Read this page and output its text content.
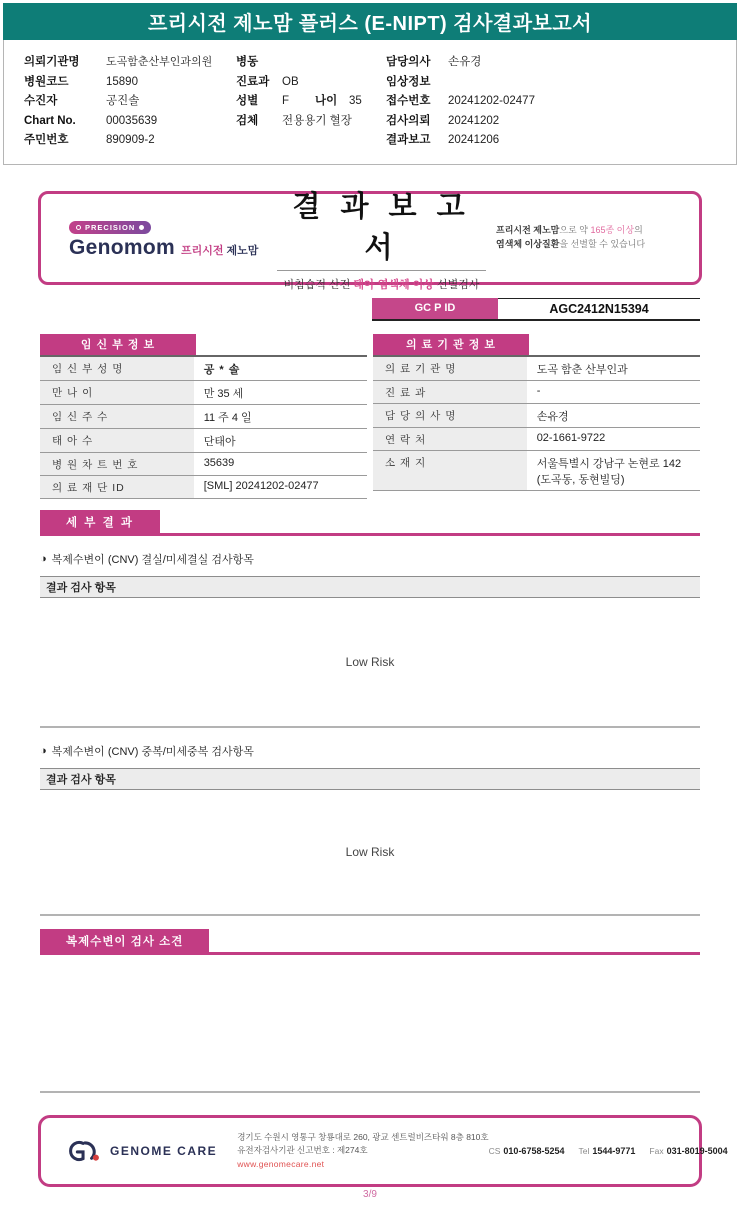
프리시전 제노맘 플러스 (E-NIPT) 검사결과보고서
의뢰기관명	도곡함춘산부인과의원
병원코드	15890
수진자	공진솔
Chart No.	00035639
주민번호	890909-2
병동
진료과	OB
성별	F 나이	35
검체	전용용기 혈장
담당의사	손유경
임상정보
접수번호	20241202-02477
검사의뢰	20241202
결과보고	20241206
PRECISION
Genomom 프리시전 제노맘
결 과 보 고 서
비침습적 산전 태아 염색체 이상 선별검사
프리시전 제노맘으로 약 165종 이상의
염색체 이상질환을 선별할 수 있습니다
GC P ID	AGC2412N15394
임 신 부 정 보
임 신 부 성 명	공 * 솔
만 나 이	만 35 세
임 신 주 수	11 주 4 일
태 아 수	단태아
병 원 차 트 번 호	35639
의 료 재 단 ID	[SML] 20241202-02477
의 료 기 관 정 보
의 료 기 관 명	도곡 함춘 산부인과
진 료 과	-
담 당 의 사 명	손유경
연 락 처	02-1661-9722
소 재 지	서울특별시 강남구 논현로 142 (도곡동, 동현빌딩)
세 부 결 과
◑ 복제수변이 (CNV) 결실/미세결실 검사항목
결과 검사 항목
Low Risk
◑ 복제수변이 (CNV) 중복/미세중복 검사항목
결과 검사 항목
Low Risk
복제수변이 검사 소견
GENOME CARE
경기도 수원시 영통구 창룡대로 260, 광교 센트럴비즈타워 8층 810호
유전자검사기관 신고번호 : 제274호
www.genomecare.net
CS 010-6758-5254 Tel 1544-9771 Fax 031-8019-5004
3/9
